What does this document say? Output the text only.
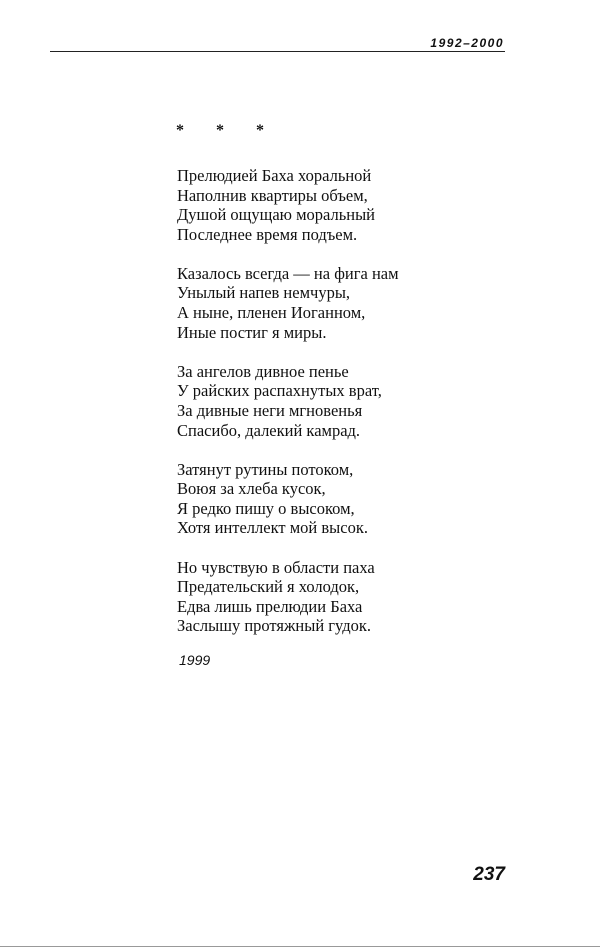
1992–2000
* * *
Прелюдией Баха хоральной
Наполнив квартиры объем,
Душой ощущаю моральный
Последнее время подъем.
Казалось всегда — на фига нам
Унылый напев немчуры,
А ныне, пленен Иоганном,
Иные постиг я миры.
За ангелов дивное пенье
У райских распахнутых врат,
За дивные неги мгновенья
Спасибо, далекий камрад.
Затянут рутины потоком,
Воюя за хлеба кусок,
Я редко пишу о высоком,
Хотя интеллект мой высок.
Но чувствую в области паха
Предательский я холодок,
Едва лишь прелюдии Баха
Заслышу протяжный гудок.
1999
237
